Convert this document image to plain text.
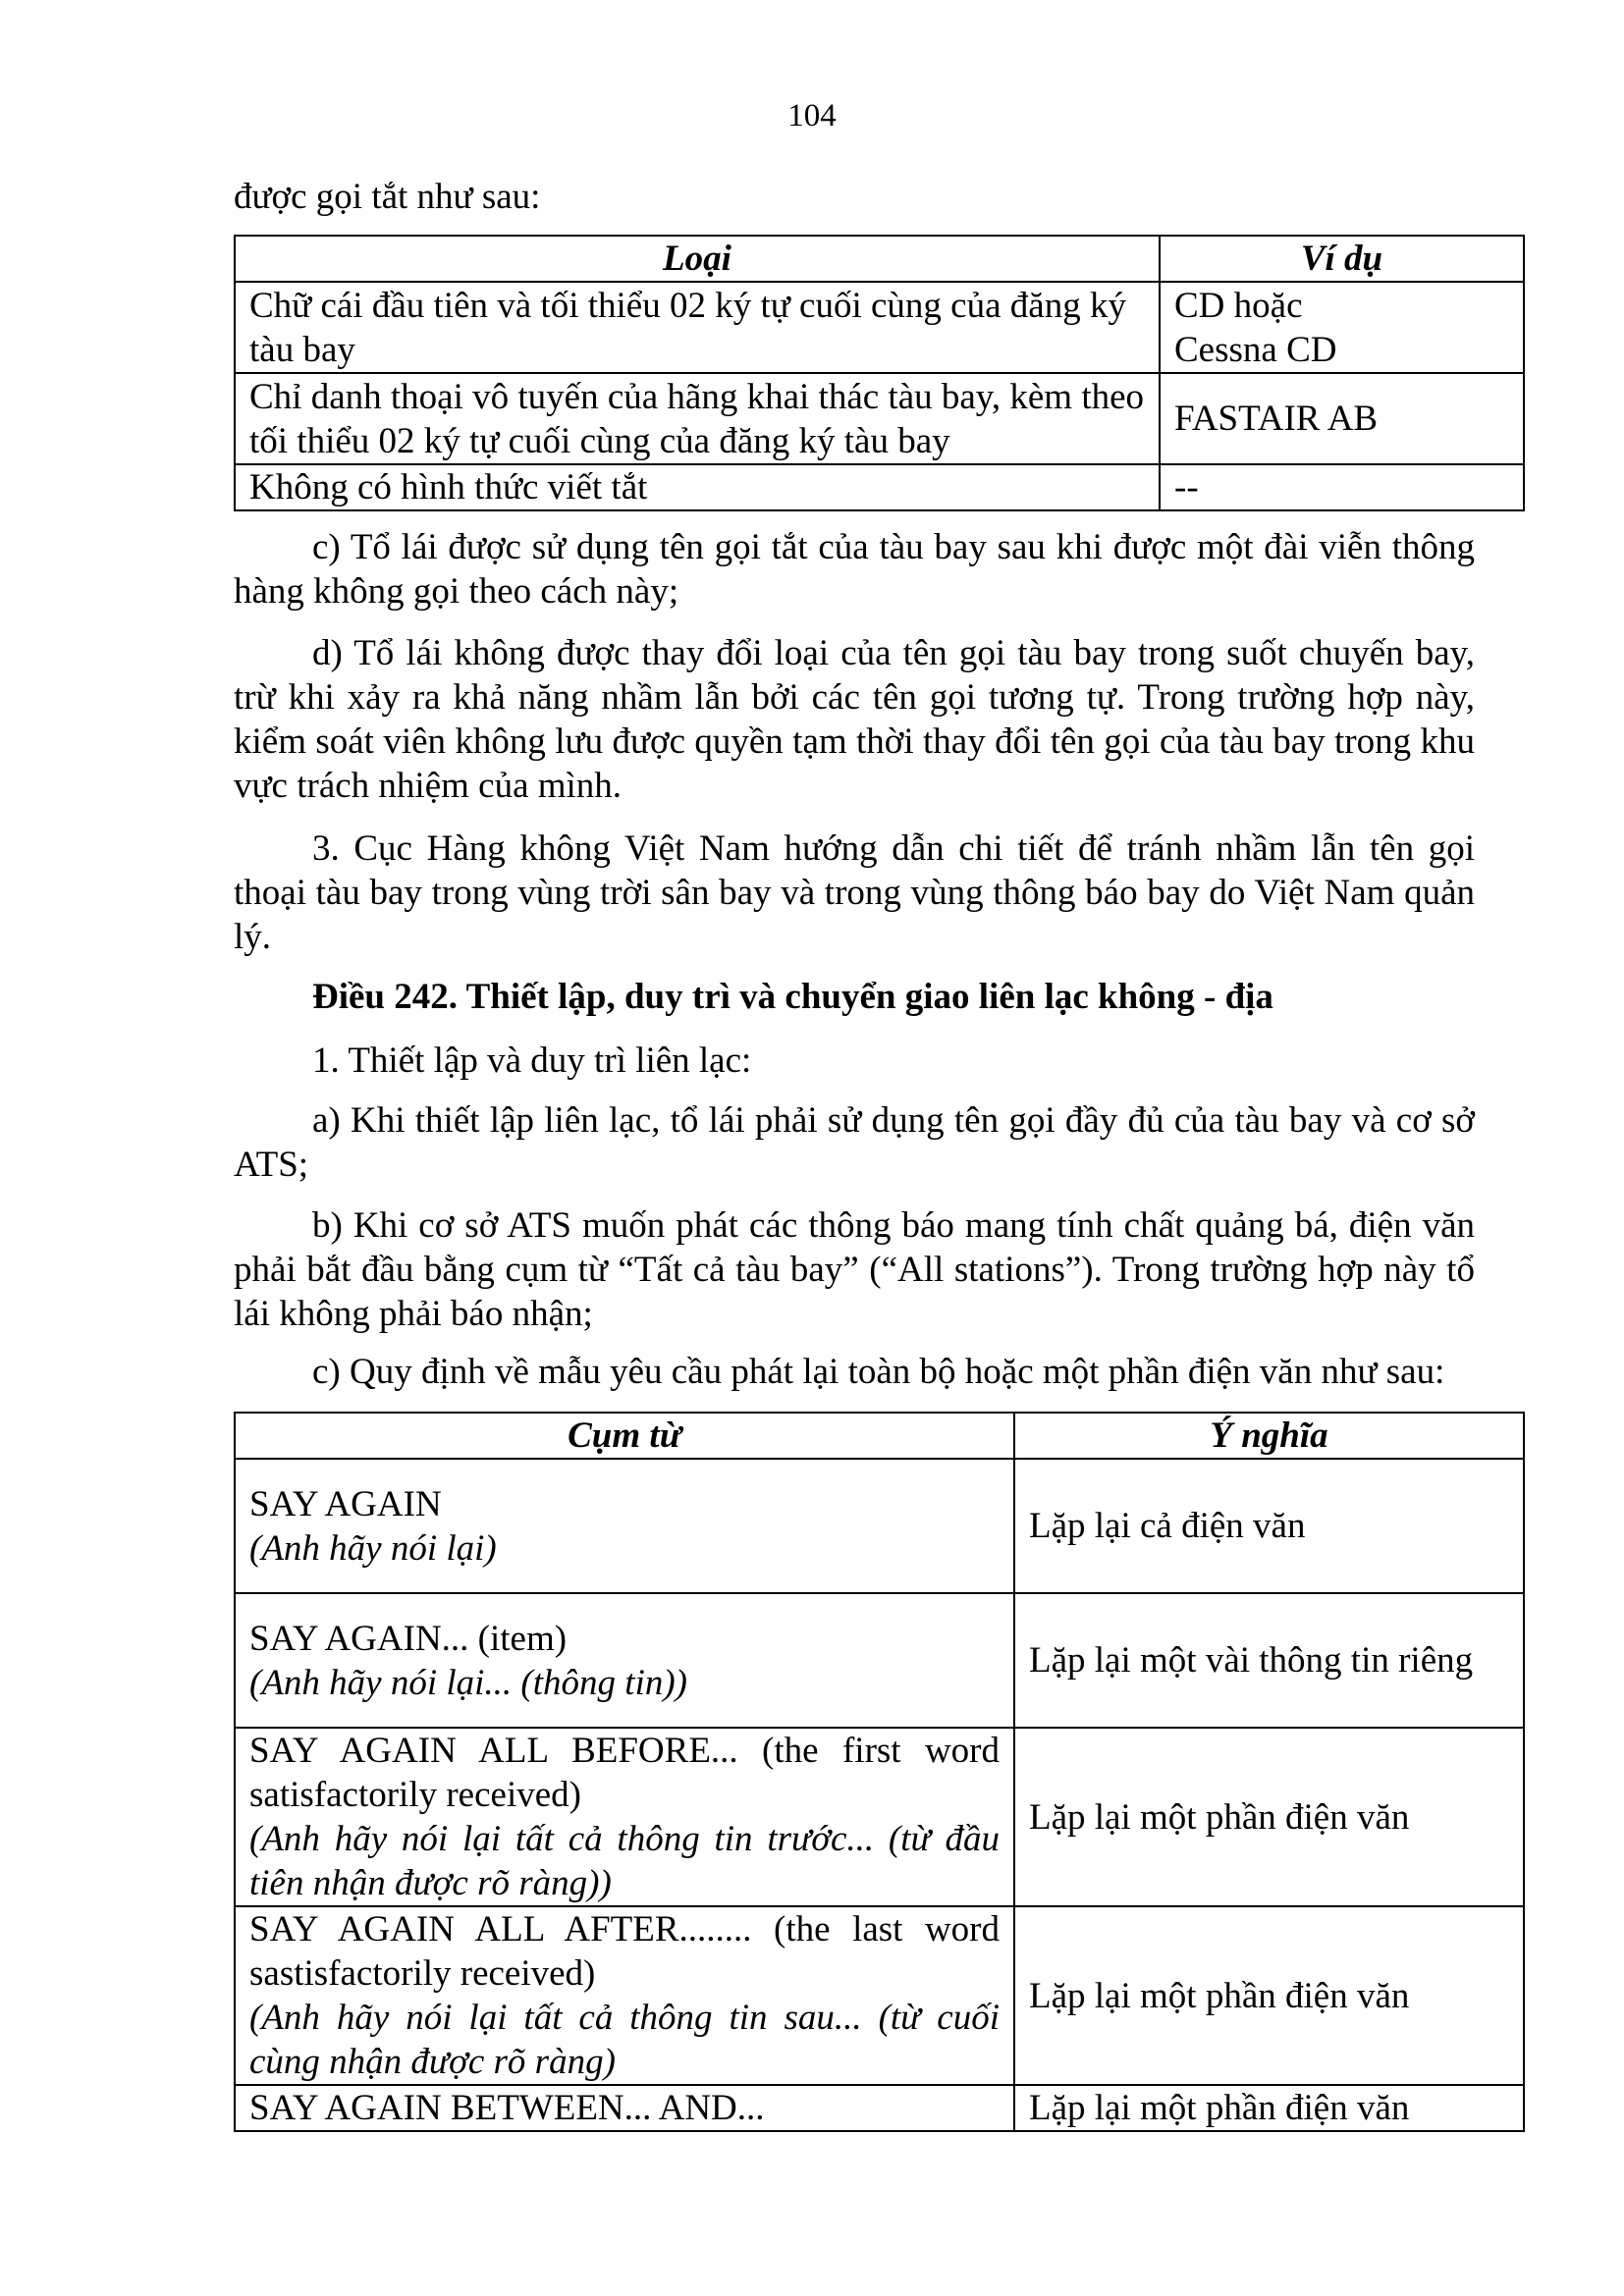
104
được gọi tắt như sau:
Loại	Ví dụ
Chữ cái đầu tiên và tối thiểu 02 ký tự cuối cùng của đăng ký tàu bay	CD hoặc
Cessna CD

Chỉ danh thoại vô tuyến của hãng khai thác tàu bay, kèm theo tối thiểu 02 ký tự cuối cùng của đăng ký tàu bay	FASTAIR AB
Không có hình thức viết tắt	--

c) Tổ lái được sử dụng tên gọi tắt của tàu bay sau khi được một đài viễn thông hàng không gọi theo cách này;

d) Tổ lái không được thay đổi loại của tên gọi tàu bay trong suốt chuyến bay, trừ khi xảy ra khả năng nhầm lẫn bởi các tên gọi tương tự. Trong trường hợp này, kiểm soát viên không lưu được quyền tạm thời thay đổi tên gọi của tàu bay trong khu vực trách nhiệm của mình.

3. Cục Hàng không Việt Nam hướng dẫn chi tiết để tránh nhầm lẫn tên gọi thoại tàu bay trong vùng trời sân bay và trong vùng thông báo bay do Việt Nam quản lý.

Điều 242. Thiết lập, duy trì và chuyển giao liên lạc không - địa

1. Thiết lập và duy trì liên lạc:

a) Khi thiết lập liên lạc, tổ lái phải sử dụng tên gọi đầy đủ của tàu bay và cơ sở ATS;

b) Khi cơ sở ATS muốn phát các thông báo mang tính chất quảng bá, điện văn phải bắt đầu bằng cụm từ “Tất cả tàu bay” (“All stations”). Trong trường hợp này tổ lái không phải báo nhận;

c) Quy định về mẫu yêu cầu phát lại toàn bộ hoặc một phần điện văn như sau:

Cụm từ	Ý nghĩa

SAY AGAIN
(Anh hãy nói lại)	Lặp lại cả điện văn

SAY AGAIN... (item)
(Anh hãy nói lại... (thông tin))	Lặp lại một vài thông tin riêng

SAY AGAIN ALL BEFORE... (the first word satisfactorily received)
(Anh hãy nói lại tất cả thông tin trước... (từ đầu tiên nhận được rõ ràng))	Lặp lại một phần điện văn

SAY AGAIN ALL AFTER........ (the last word sastisfactorily received)
(Anh hãy nói lại tất cả thông tin sau... (từ cuối cùng nhận được rõ ràng)	Lặp lại một phần điện văn

SAY AGAIN BETWEEN... AND...	Lặp lại một phần điện văn
